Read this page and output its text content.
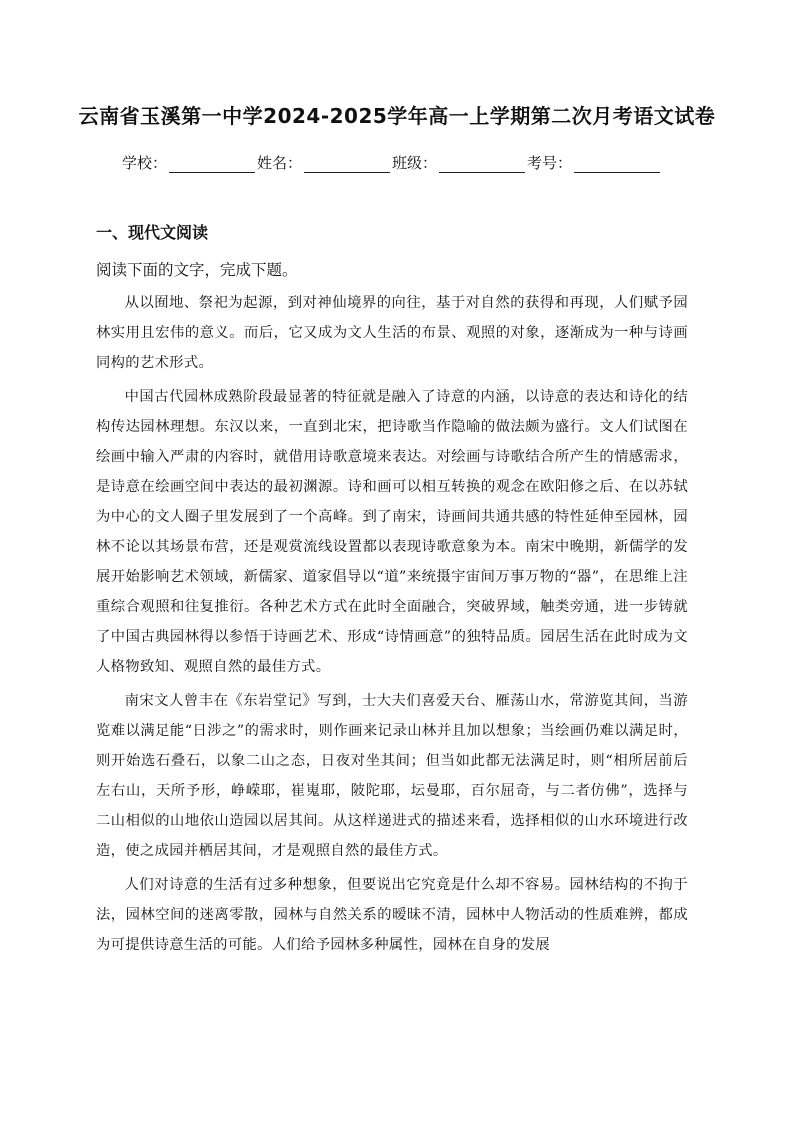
云南省玉溪第一中学2024-2025学年高一上学期第二次月考语文试卷
学校：	姓名：	班级：	考号：
一、现代文阅读
阅读下面的文字，完成下题。

从以囿地、祭祀为起源，到对神仙境界的向往，基于对自然的获得和再现，人们赋予园林实用且宏伟的意义。而后，它又成为文人生活的布景、观照的对象，逐渐成为一种与诗画同构的艺术形式。

中国古代园林成熟阶段最显著的特征就是融入了诗意的内涵，以诗意的表达和诗化的结构传达园林理想。东汉以来，一直到北宋，把诗歌当作隐喻的做法颇为盛行。文人们试图在绘画中输入严肃的内容时，就借用诗歌意境来表达。对绘画与诗歌结合所产生的情感需求，是诗意在绘画空间中表达的最初渊源。诗和画可以相互转换的观念在欧阳修之后、在以苏轼为中心的文人圈子里发展到了一个高峰。到了南宋，诗画间共通共感的特性延伸至园林，园林不论以其场景布营，还是观赏流线设置都以表现诗歌意象为本。南宋中晚期，新儒学的发展开始影响艺术领域，新儒家、道家倡导以“道”来统摄宇宙间万事万物的“器”，在思维上注重综合观照和往复推衍。各种艺术方式在此时全面融合，突破界域，触类旁通，进一步铸就了中国古典园林得以参悟于诗画艺术、形成“诗情画意”的独特品质。园居生活在此时成为文人格物致知、观照自然的最佳方式。

南宋文人曾丰在《东岩堂记》写到，士大夫们喜爱天台、雁荡山水，常游览其间，当游览难以满足能“日涉之”的需求时，则作画来记录山林并且加以想象；当绘画仍难以满足时，则开始选石叠石，以象二山之态，日夜对坐其间；但当如此都无法满足时，则“相所居前后左右山，天所予形，峥嵘耶，崔嵬耶，陂陀耶，坛曼耶，百尔屈奇，与二者仿佛”，选择与二山相似的山地依山造园以居其间。从这样递进式的描述来看，选择相似的山水环境进行改造，使之成园并栖居其间，才是观照自然的最佳方式。

人们对诗意的生活有过多种想象，但要说出它究竟是什么却不容易。园林结构的不拘于法，园林空间的迷离零散，园林与自然关系的暧昧不清，园林中人物活动的性质难辨，都成为可提供诗意生活的可能。人们给予园林多种属性，园林在自身的发展
